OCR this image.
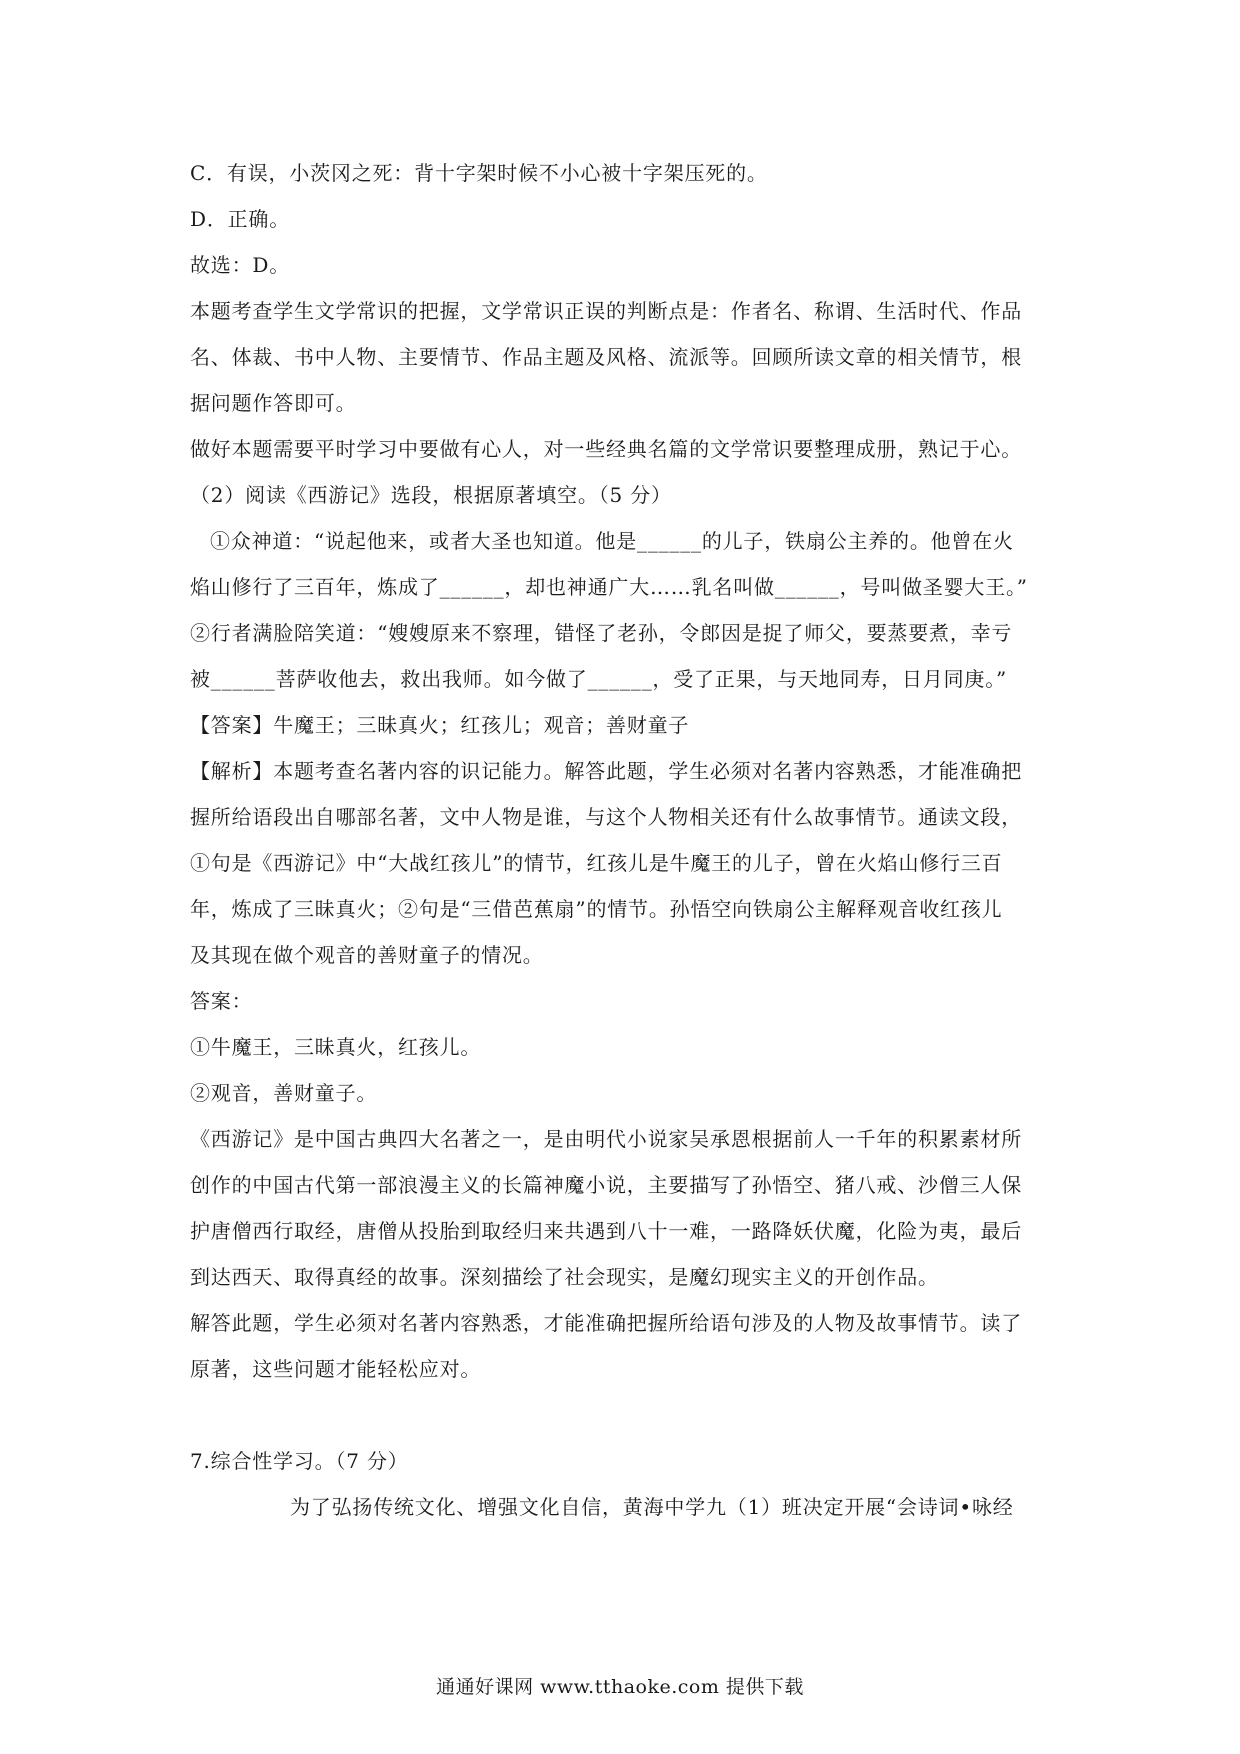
C．有误，小茨冈之死：背十字架时候不小心被十字架压死的。
D．正确。
故选：D。
本题考查学生文学常识的把握，文学常识正误的判断点是：作者名、称谓、生活时代、作品
名、体裁、书中人物、主要情节、作品主题及风格、流派等。回顾所读文章的相关情节，根
据问题作答即可。
做好本题需要平时学习中要做有心人，对一些经典名篇的文学常识要整理成册，熟记于心。
（2）阅读《西游记》选段，根据原著填空。（5 分）
①众神道：“说起他来，或者大圣也知道。他是______的儿子，铁扇公主养的。他曾在火
焰山修行了三百年，炼成了______，却也神通广大……乳名叫做______，号叫做圣婴大王。”
②行者满脸陪笑道：“嫂嫂原来不察理，错怪了老孙，令郎因是捉了师父，要蒸要煮，幸亏
被______菩萨收他去，救出我师。如今做了______，受了正果，与天地同寿，日月同庚。”
【答案】牛魔王；三昧真火；红孩儿；观音；善财童子
【解析】本题考查名著内容的识记能力。解答此题，学生必须对名著内容熟悉，才能准确把
握所给语段出自哪部名著，文中人物是谁，与这个人物相关还有什么故事情节。通读文段，
①句是《西游记》中“大战红孩儿”的情节，红孩儿是牛魔王的儿子，曾在火焰山修行三百
年，炼成了三昧真火；②句是“三借芭蕉扇”的情节。孙悟空向铁扇公主解释观音收红孩儿
及其现在做个观音的善财童子的情况。
答案：
①牛魔王，三昧真火，红孩儿。
②观音，善财童子。
《西游记》是中国古典四大名著之一，是由明代小说家吴承恩根据前人一千年的积累素材所
创作的中国古代第一部浪漫主义的长篇神魔小说，主要描写了孙悟空、猪八戒、沙僧三人保
护唐僧西行取经，唐僧从投胎到取经归来共遇到八十一难，一路降妖伏魔，化险为夷，最后
到达西天、取得真经的故事。深刻描绘了社会现实，是魔幻现实主义的开创作品。
解答此题，学生必须对名著内容熟悉，才能准确把握所给语句涉及的人物及故事情节。读了
原著，这些问题才能轻松应对。
7.综合性学习。（7 分）
为了弘扬传统文化、增强文化自信，黄海中学九（1）班决定开展“会诗词•咏经
通通好课网 www.tthaoke.com 提供下载
